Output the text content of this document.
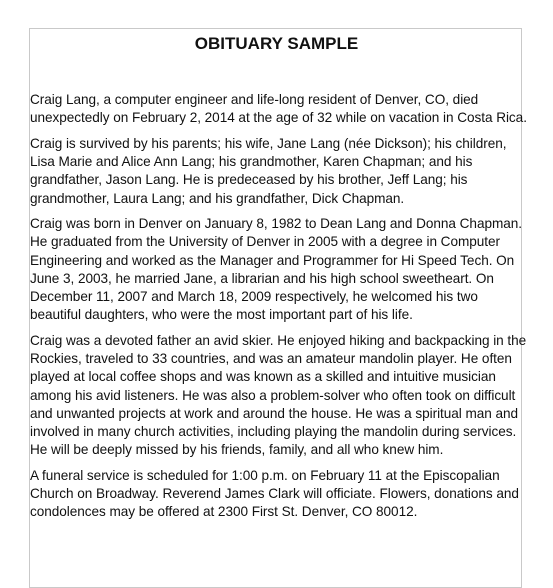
OBITUARY SAMPLE

Craig Lang, a computer engineer and life-long resident of Denver, CO, died unexpectedly on February 2, 2014 at the age of 32 while on vacation in Costa Rica.

Craig is survived by his parents; his wife, Jane Lang (née Dickson); his children, Lisa Marie and Alice Ann Lang; his grandmother, Karen Chapman; and his grandfather, Jason Lang. He is predeceased by his brother, Jeff Lang; his grandmother, Laura Lang; and his grandfather, Dick Chapman.

Craig was born in Denver on January 8, 1982 to Dean Lang and Donna Chapman. He graduated from the University of Denver in 2005 with a degree in Computer Engineering and worked as the Manager and Programmer for Hi Speed Tech. On June 3, 2003, he married Jane, a librarian and his high school sweetheart. On December 11, 2007 and March 18, 2009 respectively, he welcomed his two beautiful daughters, who were the most important part of his life.

Craig was a devoted father an avid skier. He enjoyed hiking and backpacking in the Rockies, traveled to 33 countries, and was an amateur mandolin player. He often played at local coffee shops and was known as a skilled and intuitive musician among his avid listeners. He was also a problem-solver who often took on difficult and unwanted projects at work and around the house. He was a spiritual man and involved in many church activities, including playing the mandolin during services. He will be deeply missed by his friends, family, and all who knew him.

A funeral service is scheduled for 1:00 p.m. on February 11 at the Episcopalian Church on Broadway. Reverend James Clark will officiate. Flowers, donations and condolences may be offered at 2300 First St. Denver, CO 80012.
